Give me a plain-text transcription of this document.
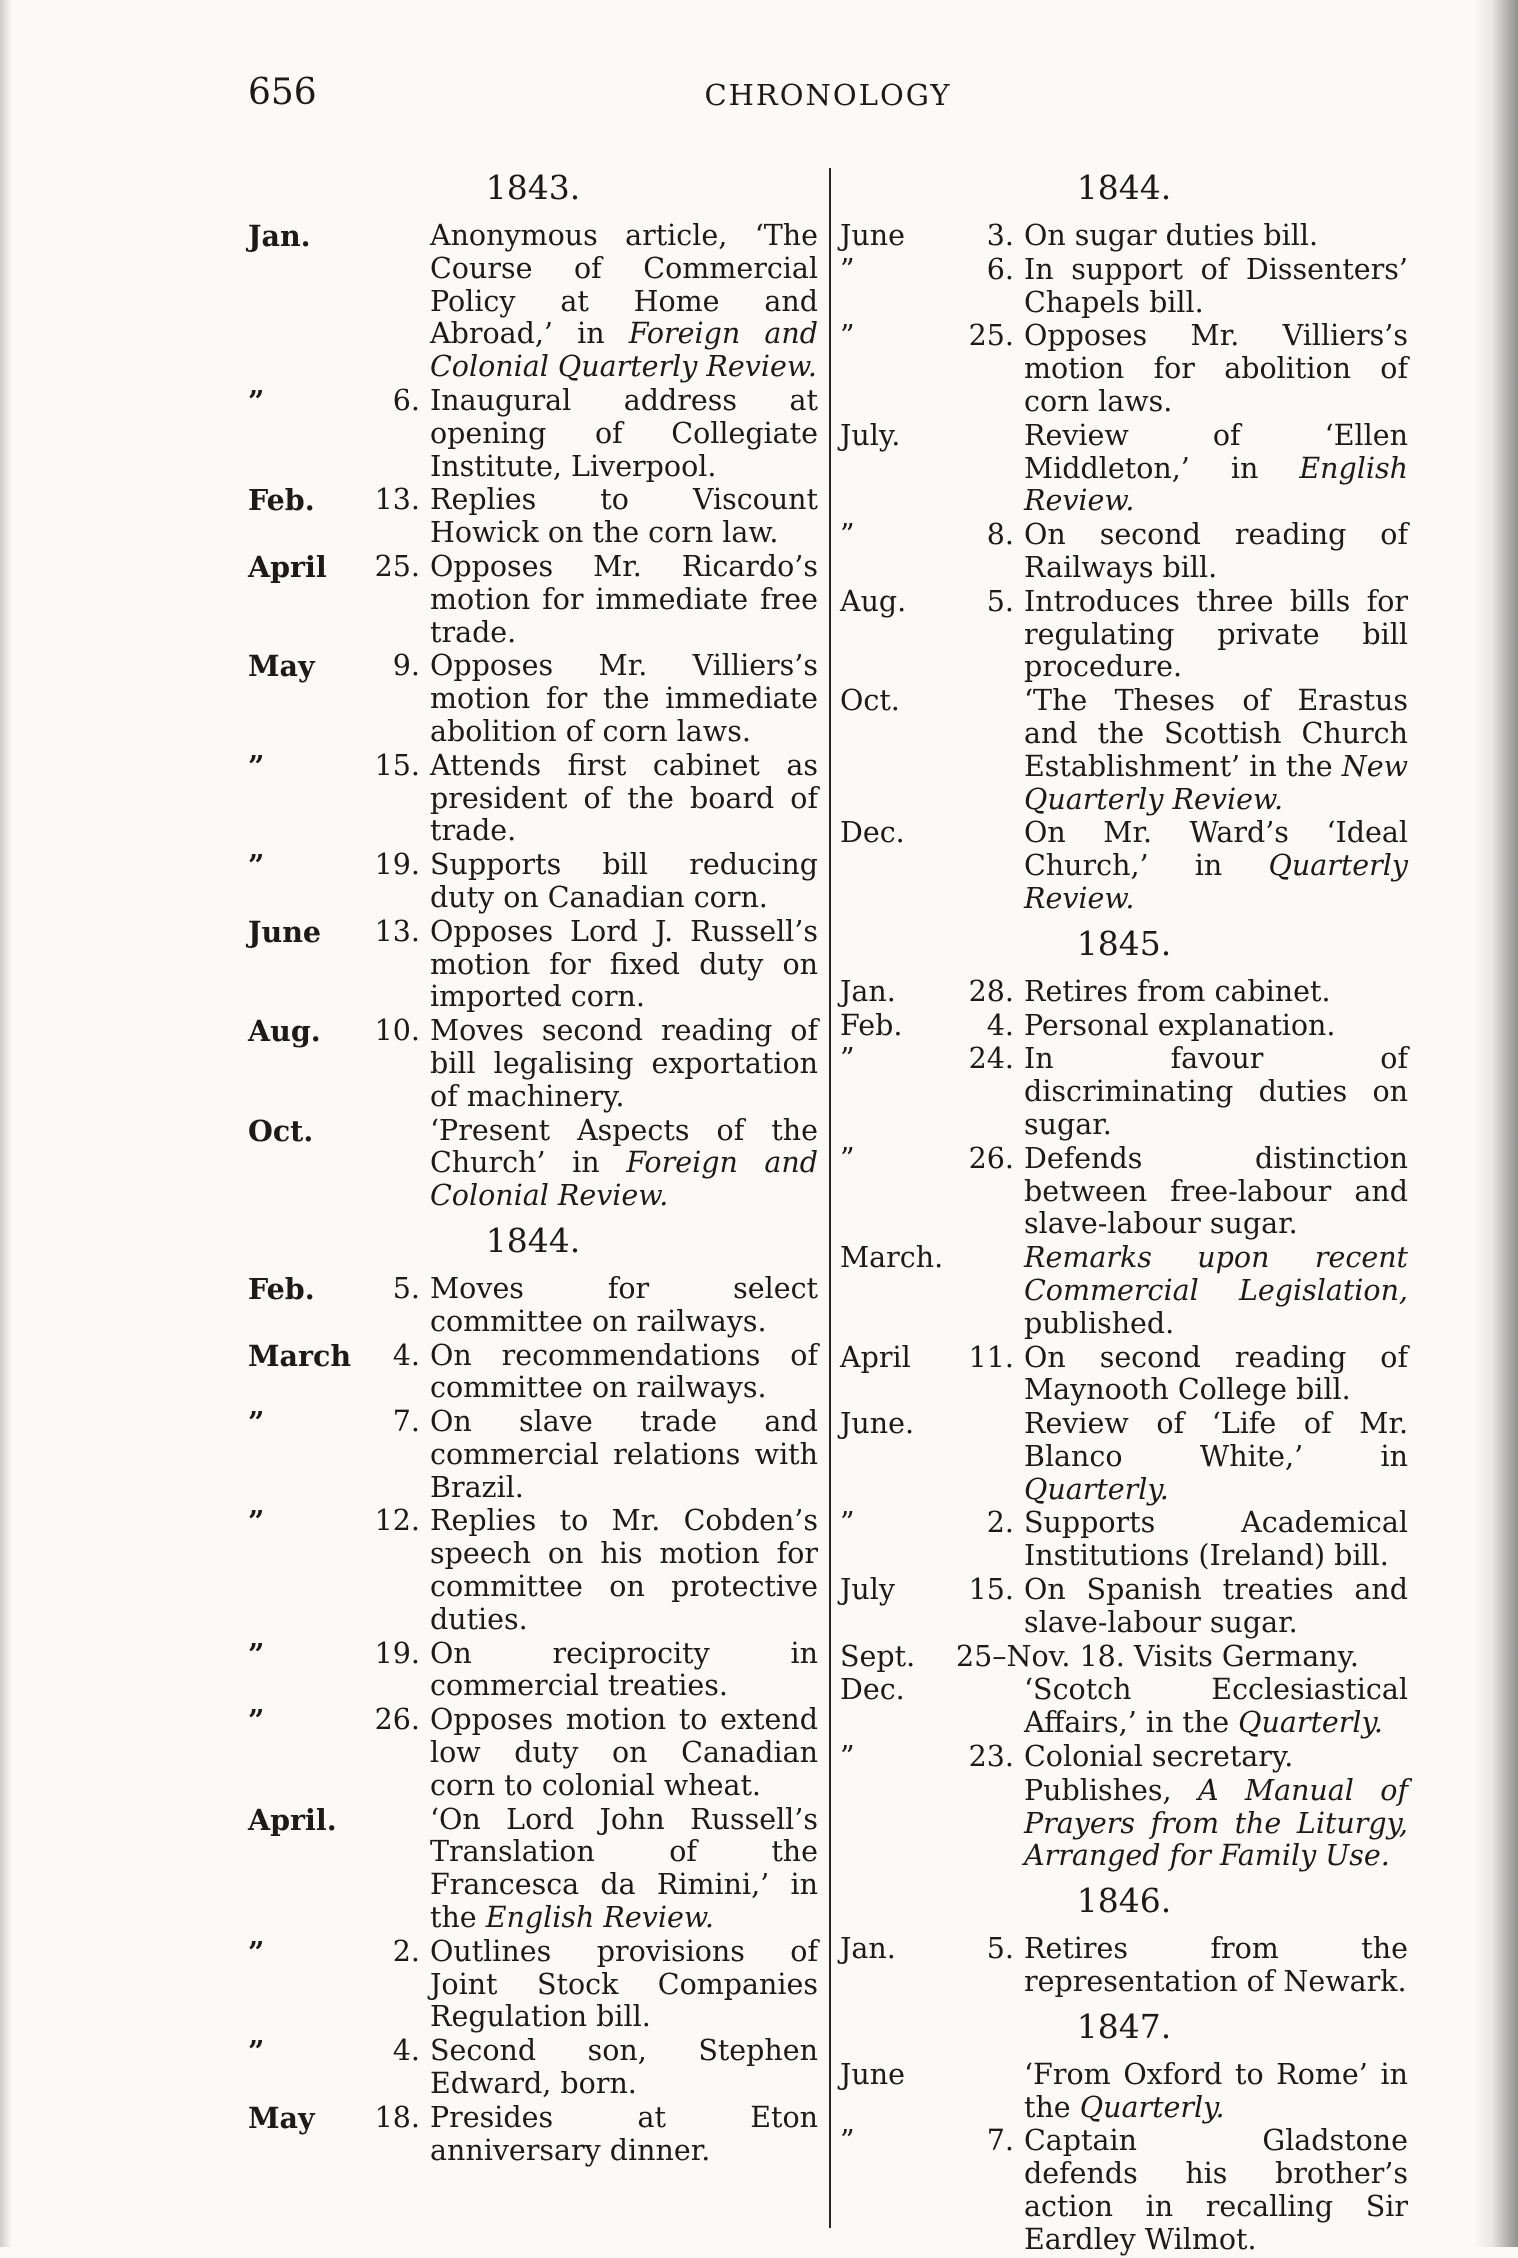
656	CHRONOLOGY
1843.
Jan.	Anonymous article, ‘The Course of Commercial Policy at Home and Abroad,’ in Foreign and Colonial Quarterly Review.
”	6. Inaugural address at opening of Collegiate Institute, Liverpool.
Feb.	13. Replies to Viscount Howick on the corn law.
April	25. Opposes Mr. Ricardo’s motion for immediate free trade.
May	9. Opposes Mr. Villiers’s motion for the immediate abolition of corn laws.
”	15. Attends first cabinet as president of the board of trade.
”	19. Supports bill reducing duty on Canadian corn.
June	13. Opposes Lord J. Russell’s motion for fixed duty on imported corn.
Aug.	10. Moves second reading of bill legalising exportation of machinery.
Oct.	‘Present Aspects of the Church’ in Foreign and Colonial Review.
1844.
Feb.	5. Moves for select committee on railways.
March	4. On recommendations of committee on railways.
”	7. On slave trade and commercial relations with Brazil.
”	12. Replies to Mr. Cobden’s speech on his motion for committee on protective duties.
”	19. On reciprocity in commercial treaties.
”	26. Opposes motion to extend low duty on Canadian corn to colonial wheat.
April.	‘On Lord John Russell’s Translation of the Francesca da Rimini,’ in the English Review.
”	2. Outlines provisions of Joint Stock Companies Regulation bill.
”	4. Second son, Stephen Edward, born.
May	18. Presides at Eton anniversary dinner.
1844.
June	3. On sugar duties bill.
”	6. In support of Dissenters’ Chapels bill.
”	25. Opposes Mr. Villiers’s motion for abolition of corn laws.
July.	Review of ‘Ellen Middleton,’ in English Review.
”	8. On second reading of Railways bill.
Aug.	5. Introduces three bills for regulating private bill procedure.
Oct.	‘The Theses of Erastus and the Scottish Church Establishment’ in the New Quarterly Review.
Dec.	On Mr. Ward’s ‘Ideal Church,’ in Quarterly Review.
1845.
Jan.	28. Retires from cabinet.
Feb.	4. Personal explanation.
”	24. In favour of discriminating duties on sugar.
”	26. Defends distinction between free-labour and slave-labour sugar.
March.	Remarks upon recent Commercial Legislation, published.
April	11. On second reading of Maynooth College bill.
June.	Review of ‘Life of Mr. Blanco White,’ in Quarterly.
”	2. Supports Academical Institutions (Ireland) bill.
July	15. On Spanish treaties and slave-labour sugar.
Sept.	25–Nov. 18. Visits Germany.
Dec.	‘Scotch Ecclesiastical Affairs,’ in the Quarterly.
”	23. Colonial secretary.
Publishes, A Manual of Prayers from the Liturgy, Arranged for Family Use.
1846.
Jan.	5. Retires from the representation of Newark.
1847.
June	‘From Oxford to Rome’ in the Quarterly.
”	7. Captain Gladstone defends his brother’s action in recalling Sir Eardley Wilmot.
